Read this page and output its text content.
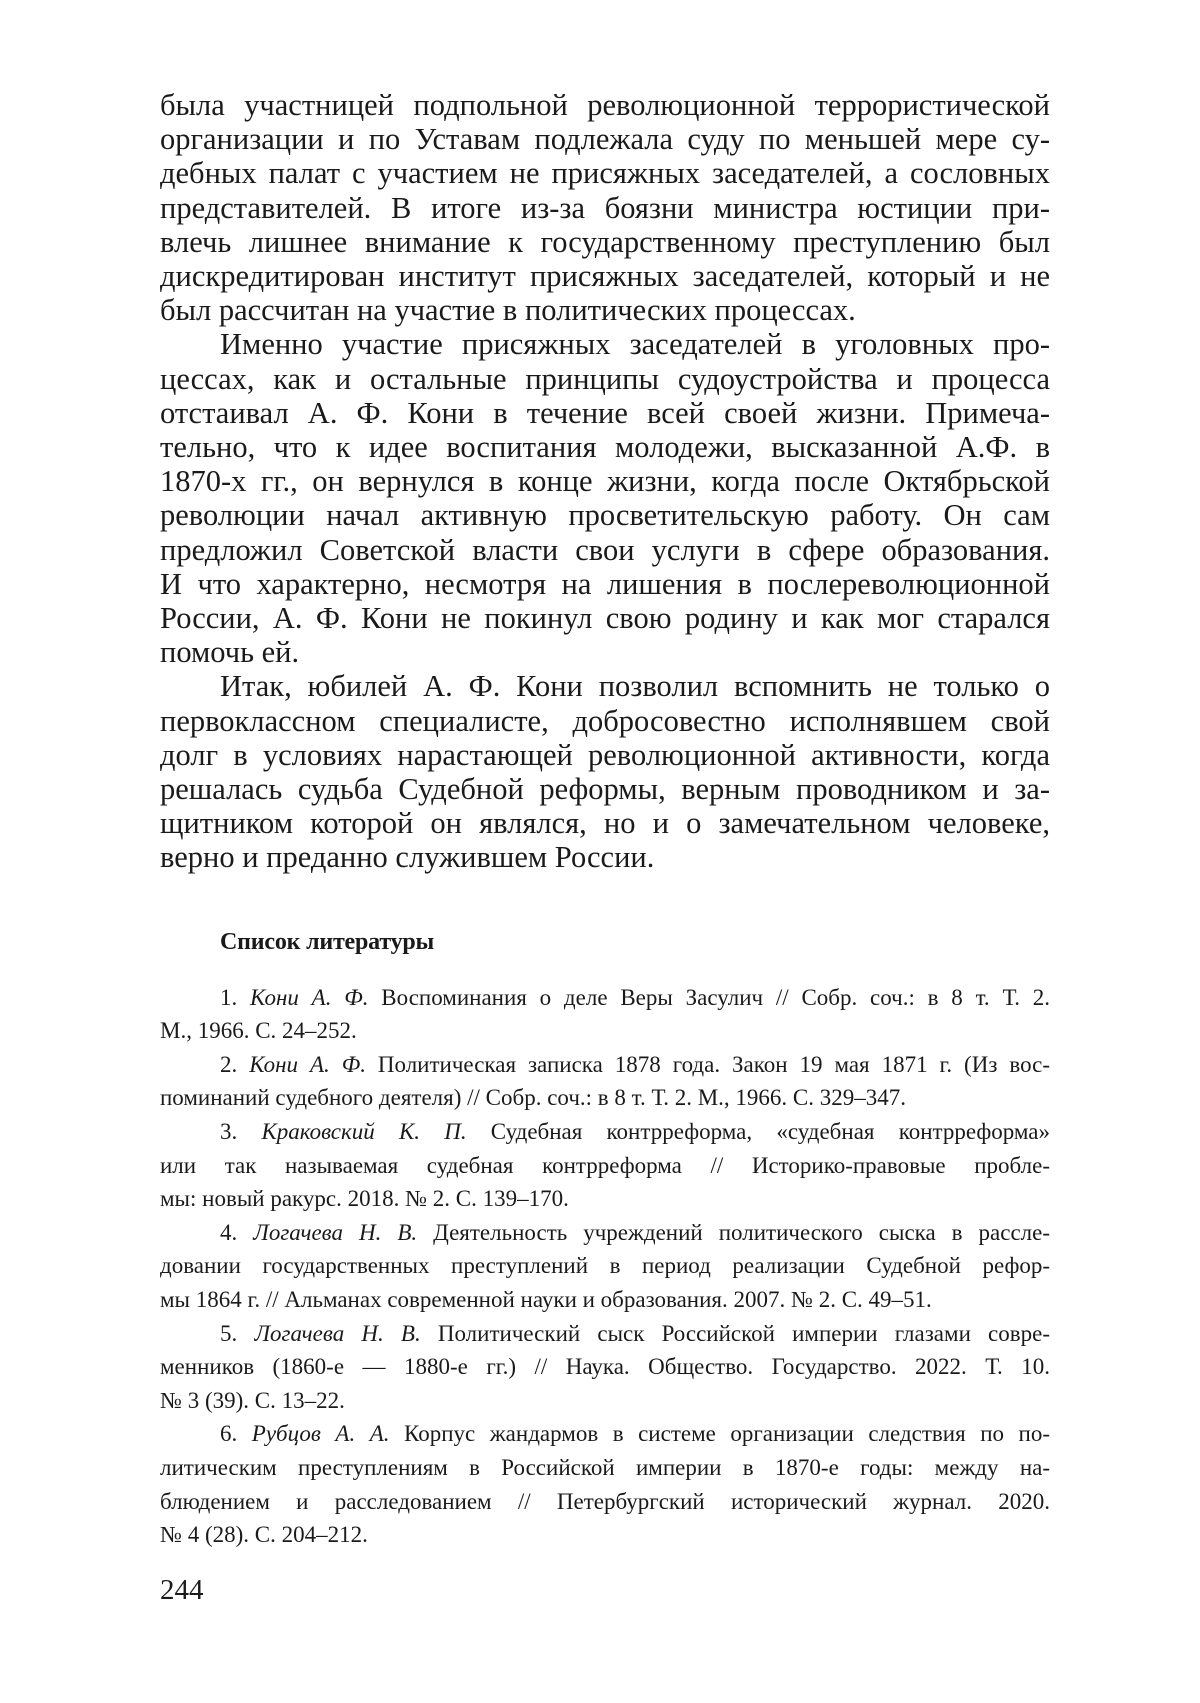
была участницей подпольной революционной террористической
организации и по Уставам подлежала суду по меньшей мере су-
дебных палат с участием не присяжных заседателей, а сословных
представителей. В итоге из-за боязни министра юстиции при-
влечь лишнее внимание к государственному преступлению был
дискредитирован институт присяжных заседателей, который и не
был рассчитан на участие в политических процессах.

Именно участие присяжных заседателей в уголовных про-
цессах, как и остальные принципы судоустройства и процесса
отстаивал А. Ф. Кони в течение всей своей жизни. Примеча-
тельно, что к идее воспитания молодежи, высказанной А.Ф. в
1870-х гг., он вернулся в конце жизни, когда после Октябрьской
революции начал активную просветительскую работу. Он сам
предложил Советской власти свои услуги в сфере образования.
И что характерно, несмотря на лишения в послереволюционной
России, А. Ф. Кони не покинул свою родину и как мог старался
помочь ей.

Итак, юбилей А. Ф. Кони позволил вспомнить не только о
первоклассном специалисте, добросовестно исполнявшем свой
долг в условиях нарастающей революционной активности, когда
решалась судьба Судебной реформы, верным проводником и за-
щитником которой он являлся, но и о замечательном человеке,
верно и преданно служившем России.

Список литературы
1. Кони А. Ф. Воспоминания о деле Веры Засулич // Собр. соч.: в 8 т. Т. 2.
М., 1966. С. 24–252.
2. Кони А. Ф. Политическая записка 1878 года. Закон 19 мая 1871 г. (Из вос-
поминаний судебного деятеля) // Собр. соч.: в 8 т. Т. 2. М., 1966. С. 329–347.
3. Краковский К. П. Судебная контрреформа, «судебная контрреформа»
или так называемая судебная контрреформа // Историко-правовые пробле-
мы: новый ракурс. 2018. № 2. С. 139–170.
4. Логачева Н. В. Деятельность учреждений политического сыска в рассле-
довании государственных преступлений в период реализации Судебной рефор-
мы 1864 г. // Альманах современной науки и образования. 2007. № 2. С. 49–51.
5. Логачева Н. В. Политический сыск Российской империи глазами совре-
менников (1860-е — 1880-е гг.) // Наука. Общество. Государство. 2022. Т. 10.
№ 3 (39). С. 13–22.
6. Рубцов А. А. Корпус жандармов в системе организации следствия по по-
литическим преступлениям в Российской империи в 1870-е годы: между на-
блюдением и расследованием // Петербургский исторический журнал. 2020.
№ 4 (28). С. 204–212.
244
